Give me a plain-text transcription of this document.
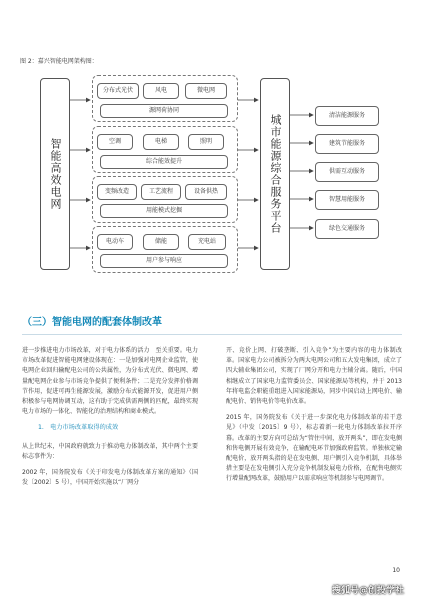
图 2：嘉兴智能电网架构图：
智能高效电网
分布式光伏	风电	微电网
源网荷协同
空调	电梯	照明
综合能效提升
变频改造	工艺流程	设备供热
用能模式挖掘
电动车	储能	充电站
用户参与响应
城市能源综合服务平台	清洁能源服务
建筑节能服务
供需互动服务
智慧用能服务
绿色交通服务
（三）智能电网的配套体制改革

进一步推进电力市场改革，对于电力体系的活力　至关重要。电力市场改革促进智能电网建设体现在：一是加强对电网企业监管，使电网企业回归输配电公司的公共属性，为分布式光伏、微电网、增量配电网企业参与市场竞争提供了便利条件；二是充分发挥价格调节作用，促进可再生能源发展，激励分布式能源开发，促进用户侧积极参与电网协调互动，这有助于完成供需两侧的匹配，最终实现电力市场的一体化、智能化的治理结构和商业模式。

1.　电力市场改革取得的成效

从上世纪末，中国政府就致力于推动电力体制改革，其中两个主要标志事件为：

2002 年，国务院发布《关于印发电力体制改革方案的通知》（国发〔2002〕5 号），中国开始实施以“厂网分

开、竞价上网、打破垄断、引入竞争”为主要内容的电力体制改革。国家电力公司被拆分为两大电网公司和五大发电集团，成立了四大辅业集团公司，实现了厂网分开和电力主辅分离。随后，中国相继成立了国家电力监管委员会、国家能源局等机构，并于 2013 年将电监会职能重组进入国家能源局，同步中国启动上网电价、输配电价、销售电价等电价改革。

2015 年，国务院发布《关于进一步深化电力体制改革的若干意见》（中发〔2015〕9 号），标志着新一轮电力体制改革拉开序幕。改革的主要方向可总结为“管住中间，放开两头”，即在发电侧和售电侧开展有效竞争，在输配电环节加强政府监管。单独核定输配电价，放开两头指的是在发电侧、用户侧引入竞争机制，具体举措主要是在发电侧引入充分竞争机制发展电力价格，在配售电侧实行增量配网改革，鼓励用户以需求响应等机制参与电网调节。

10
搜狐号@创投学社
